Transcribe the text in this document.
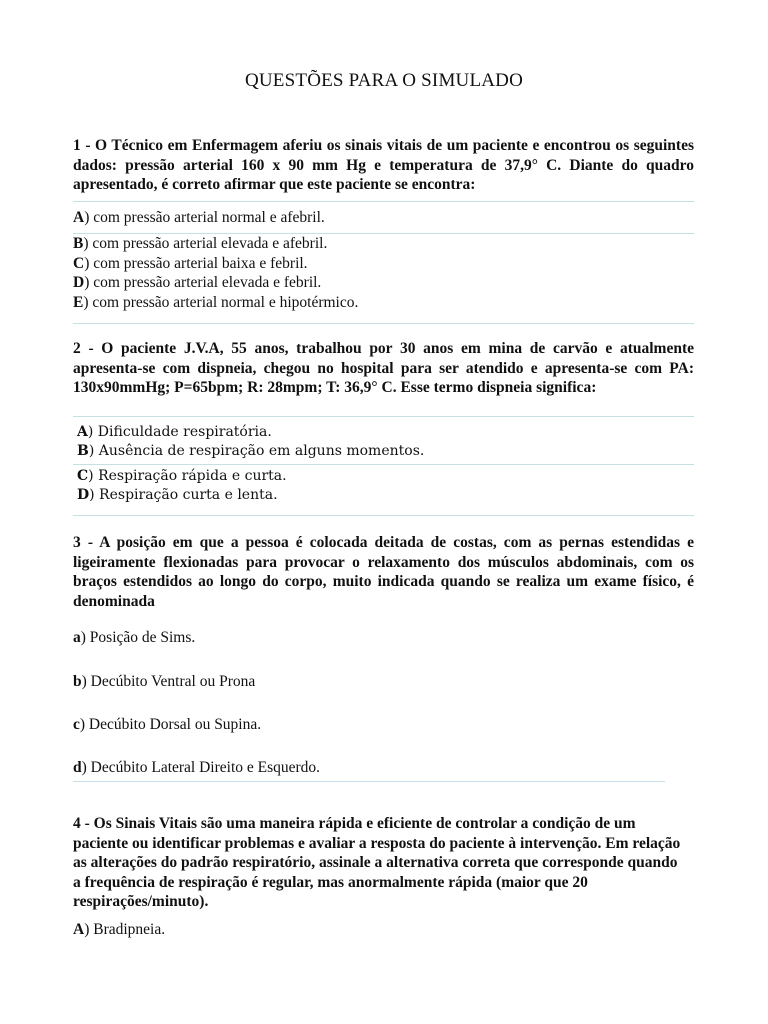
QUESTÕES PARA O SIMULADO
1 - O Técnico em Enfermagem aferiu os sinais vitais de um paciente e encontrou os seguintes dados: pressão arterial 160 x 90 mm Hg e temperatura de 37,9° C. Diante do quadro apresentado, é correto afirmar que este paciente se encontra:
A) com pressão arterial normal e afebril.
B) com pressão arterial elevada e afebril.
C) com pressão arterial baixa e febril.
D) com pressão arterial elevada e febril.
E) com pressão arterial normal e hipotérmico.
2 - O paciente J.V.A, 55 anos, trabalhou por 30 anos em mina de carvão e atualmente apresenta-se com dispneia, chegou no hospital para ser atendido e apresenta-se com PA: 130x90mmHg; P=65bpm; R: 28mpm; T: 36,9° C. Esse termo dispneia significa:
A) Dificuldade respiratória.
B) Ausência de respiração em alguns momentos.
C) Respiração rápida e curta.
D) Respiração curta e lenta.
3 - A posição em que a pessoa é colocada deitada de costas, com as pernas estendidas e ligeiramente flexionadas para provocar o relaxamento dos músculos abdominais, com os braços estendidos ao longo do corpo, muito indicada quando se realiza um exame físico, é denominada
a) Posição de Sims.
b) Decúbito Ventral ou Prona
c) Decúbito Dorsal ou Supina.
d) Decúbito Lateral Direito e Esquerdo.
4 - Os Sinais Vitais são uma maneira rápida e eficiente de controlar a condição de um paciente ou identificar problemas e avaliar a resposta do paciente à intervenção. Em relação as alterações do padrão respiratório, assinale a alternativa correta que corresponde quando a frequência de respiração é regular, mas anormalmente rápida (maior que 20 respirações/minuto).
A) Bradipneia.
